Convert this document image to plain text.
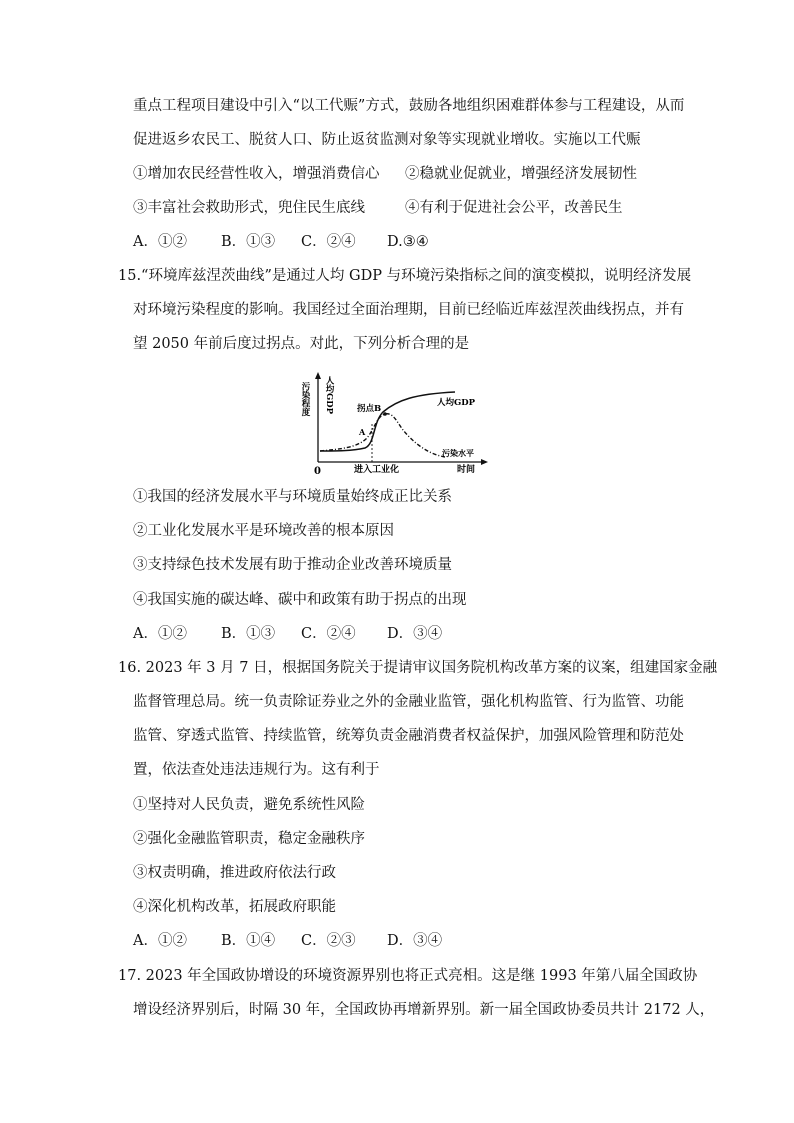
重点工程项目建设中引入“以工代赈”方式，鼓励各地组织困难群体参与工程建设，从而
促进返乡农民工、脱贫人口、防止返贫监测对象等实现就业增收。实施以工代赈
①增加农民经营性收入，增强消费信心 ②稳就业促就业，增强经济发展韧性
③丰富社会救助形式，兜住民生底线	④有利于促进社会公平，改善民生
A．①② B．①③ C．②④ D.③④
15.“环境库兹涅茨曲线”是通过人均 GDP 与环境污染指标之间的演变模拟，说明经济发展
对环境污染程度的影响。我国经过全面治理期，目前已经临近库兹涅茨曲线拐点，并有
望 2050 年前后度过拐点。对此，下列分析合理的是
污染程度 人均GDP
0
A
拐点B
人均GDP
污染水平
进入工业化	时间
①我国的经济发展水平与环境质量始终成正比关系
②工业化发展水平是环境改善的根本原因
③支持绿色技术发展有助于推动企业改善环境质量
④我国实施的碳达峰、碳中和政策有助于拐点的出现
A．①② B．①③ C．②④ D．③④
16. 2023 年 3 月 7 日，根据国务院关于提请审议国务院机构改革方案的议案，组建国家金融
监督管理总局。统一负责除证券业之外的金融业监管，强化机构监管、行为监管、功能
监管、穿透式监管、持续监管，统筹负责金融消费者权益保护，加强风险管理和防范处
置，依法查处违法违规行为。这有利于
①坚持对人民负责，避免系统性风险
②强化金融监管职责，稳定金融秩序
③权责明确，推进政府依法行政
④深化机构改革，拓展政府职能
A．①② B．①④ C．②③ D．③④
17. 2023 年全国政协增设的环境资源界别也将正式亮相。这是继 1993 年第八届全国政协
增设经济界别后，时隔 30 年，全国政协再增新界别。新一届全国政协委员共计 2172 人，
